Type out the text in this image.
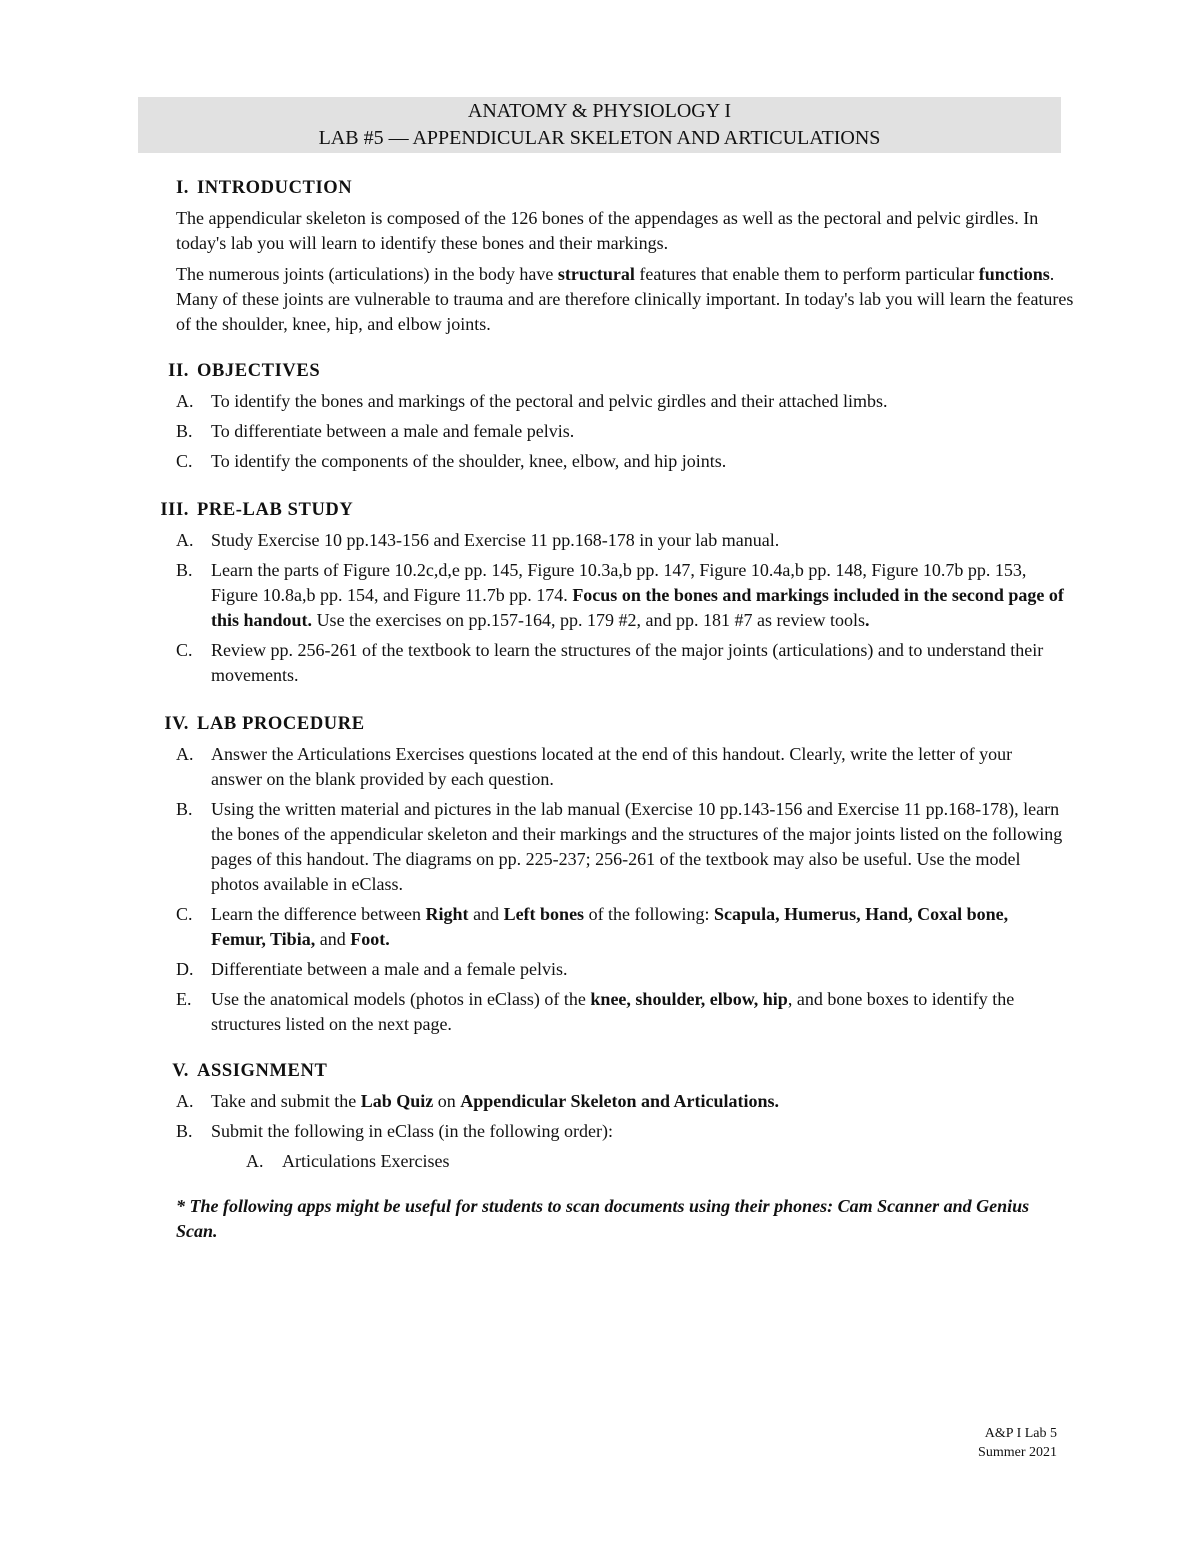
ANATOMY & PHYSIOLOGY I
LAB #5 — APPENDICULAR SKELETON AND ARTICULATIONS
I. INTRODUCTION
The appendicular skeleton is composed of the 126 bones of the appendages as well as the pectoral and pelvic girdles. In today's lab you will learn to identify these bones and their markings.
The numerous joints (articulations) in the body have structural features that enable them to perform particular functions. Many of these joints are vulnerable to trauma and are therefore clinically important. In today's lab you will learn the features of the shoulder, knee, hip, and elbow joints.
II. OBJECTIVES
A. To identify the bones and markings of the pectoral and pelvic girdles and their attached limbs.
B. To differentiate between a male and female pelvis.
C. To identify the components of the shoulder, knee, elbow, and hip joints.
III. PRE-LAB STUDY
A. Study Exercise 10 pp.143-156 and Exercise 11 pp.168-178 in your lab manual.
B. Learn the parts of Figure 10.2c,d,e pp. 145, Figure 10.3a,b pp. 147, Figure 10.4a,b pp. 148, Figure 10.7b pp. 153, Figure 10.8a,b pp. 154, and Figure 11.7b pp. 174. Focus on the bones and markings included in the second page of this handout. Use the exercises on pp.157-164, pp. 179 #2, and pp. 181 #7 as review tools.
C. Review pp. 256-261 of the textbook to learn the structures of the major joints (articulations) and to understand their movements.
IV. LAB PROCEDURE
A. Answer the Articulations Exercises questions located at the end of this handout. Clearly, write the letter of your answer on the blank provided by each question.
B. Using the written material and pictures in the lab manual (Exercise 10 pp.143-156 and Exercise 11 pp.168-178), learn the bones of the appendicular skeleton and their markings and the structures of the major joints listed on the following pages of this handout. The diagrams on pp. 225-237; 256-261 of the textbook may also be useful. Use the model photos available in eClass.
C. Learn the difference between Right and Left bones of the following: Scapula, Humerus, Hand, Coxal bone, Femur, Tibia, and Foot.
D. Differentiate between a male and a female pelvis.
E. Use the anatomical models (photos in eClass) of the knee, shoulder, elbow, hip, and bone boxes to identify the structures listed on the next page.
V. ASSIGNMENT
A. Take and submit the Lab Quiz on Appendicular Skeleton and Articulations.
B. Submit the following in eClass (in the following order):
A. Articulations Exercises
* The following apps might be useful for students to scan documents using their phones: Cam Scanner and Genius Scan.
A&P I Lab 5
Summer 2021
